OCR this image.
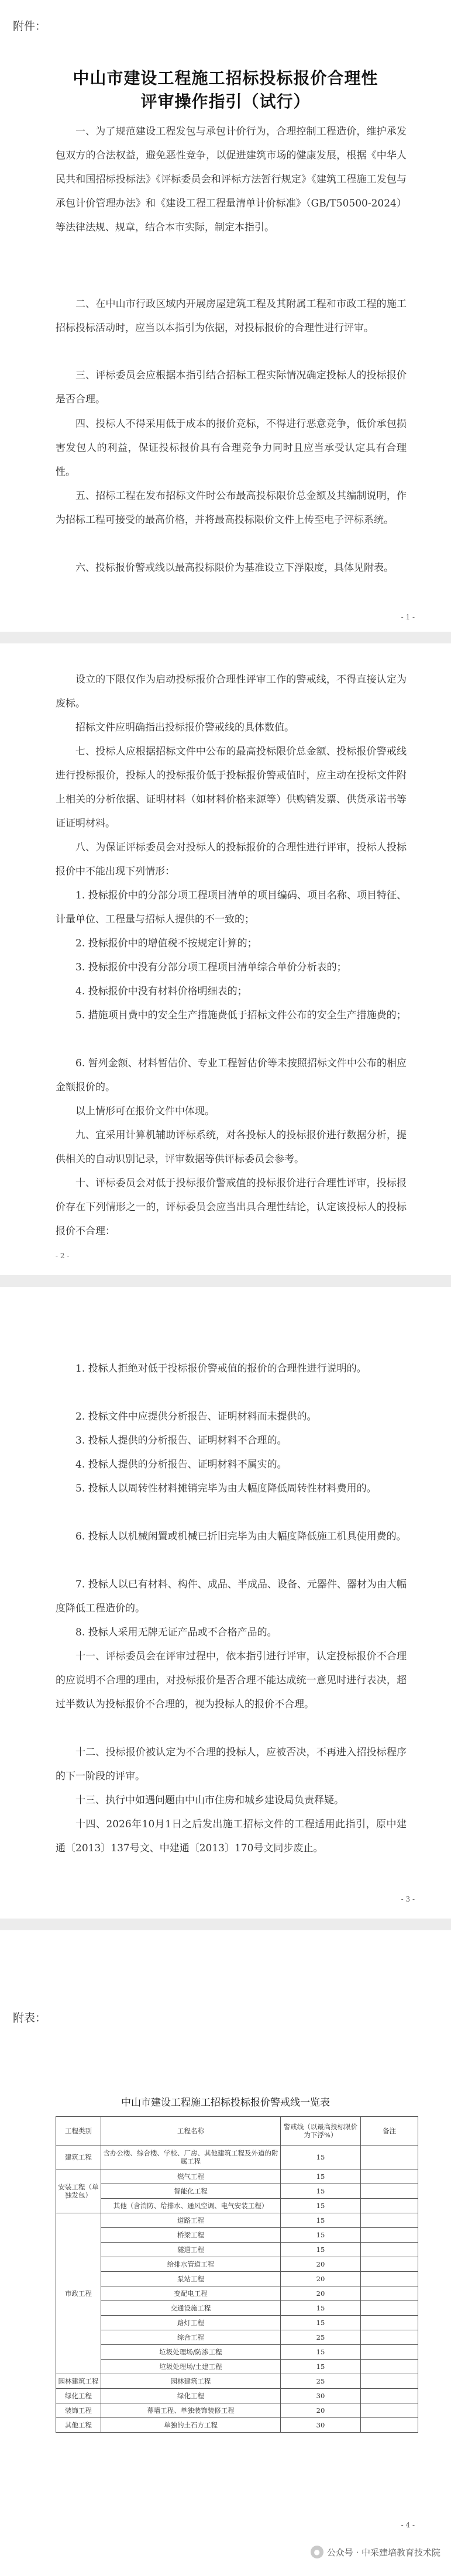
附件：
中山市建设工程施工招标投标报价合理性
评审操作指引（试行）
一、为了规范建设工程发包与承包计价行为，合理控制工程造价，维护承发包双方的合法权益，避免恶性竞争，以促进建筑市场的健康发展，根据《中华人民共和国招标投标法》《评标委员会和评标方法暂行规定》《建筑工程施工发包与承包计价管理办法》和《建设工程工程量清单计价标准》（GB/T50500-2024）等法律法规、规章，结合本市实际，制定本指引。
二、在中山市行政区域内开展房屋建筑工程及其附属工程和市政工程的施工招标投标活动时，应当以本指引为依据，对投标报价的合理性进行评审。
三、评标委员会应根据本指引结合招标工程实际情况确定投标人的投标报价是否合理。
四、投标人不得采用低于成本的报价竞标，不得进行恶意竞争，低价承包损害发包人的利益，保证投标报价具有合理竞争力同时且应当承受认定具有合理性。
五、招标工程在发布招标文件时公布最高投标限价总金额及其编制说明，作为招标工程可接受的最高价格，并将最高投标限价文件上传至电子评标系统。
六、投标报价警戒线以最高投标限价为基准设立下浮限度，具体见附表。
- 1 -
设立的下限仅作为启动投标报价合理性评审工作的警戒线，不得直接认定为废标。
招标文件应明确指出投标报价警戒线的具体数值。
七、投标人应根据招标文件中公布的最高投标限价总金额、投标报价警戒线进行投标报价，投标人的投标报价低于投标报价警戒值时，应主动在投标文件附上相关的分析依据、证明材料（如材料价格来源等）供购销发票、供货承诺书等证证明材料。
八、为保证评标委员会对投标人的投标报价的合理性进行评审，投标人投标报价中不能出现下列情形：
1. 投标报价中的分部分项工程项目清单的项目编码、项目名称、项目特征、计量单位、工程量与招标人提供的不一致的；
2. 投标报价中的增值税不按规定计算的；
3. 投标报价中没有分部分项工程项目清单综合单价分析表的；
4. 投标报价中没有材料价格明细表的；
5. 措施项目费中的安全生产措施费低于招标文件公布的安全生产措施费的；
6. 暂列金额、材料暂估价、专业工程暂估价等未按照招标文件中公布的相应金额报价的。
以上情形可在报价文件中体现。
九、宜采用计算机辅助评标系统，对各投标人的投标报价进行数据分析，提供相关的自动识别记录，评审数据等供评标委员会参考。
十、评标委员会对低于投标报价警戒值的投标报价进行合理性评审，投标报价存在下列情形之一的，评标委员会应当出具合理性结论，认定该投标人的投标报价不合理：
- 2 -
1. 投标人拒绝对低于投标报价警戒值的报价的合理性进行说明的。
2. 投标文件中应提供分析报告、证明材料而未提供的。
3. 投标人提供的分析报告、证明材料不合理的。
4. 投标人提供的分析报告、证明材料不属实的。
5. 投标人以周转性材料摊销完毕为由大幅度降低周转性材料费用的。
6. 投标人以机械闲置或机械已折旧完毕为由大幅度降低施工机具使用费的。
7. 投标人以已有材料、构件、成品、半成品、设备、元器件、器材为由大幅度降低工程造价的。
8. 投标人采用无牌无证产品或不合格产品的。
十一、评标委员会在评审过程中，依本指引进行评审，认定投标报价不合理的应说明不合理的理由，对投标报价是否合理不能达成统一意见时进行表决，超过半数认为投标报价不合理的，视为投标人的报价不合理。
十二、投标报价被认定为不合理的投标人，应被否决，不再进入招投标程序的下一阶段的评审。
十三、执行中如遇问题由中山市住房和城乡建设局负责释疑。
十四、2026年10月1日之后发出施工招标文件的工程适用此指引，原中建通〔2013〕137号文、中建通〔2013〕170号文同步废止。
- 3 -
附表：
中山市建设工程施工招标投标报价警戒线一览表
工程类别	工程名称	警戒线（以最高投标限价为下浮%）	备注
建筑工程	含办公楼、综合楼、学校、厂房、其他建筑工程及外道的附属工程	15	
安装工程（单独发包）	燃气工程	15	
	智能化工程	15	
	其他（含消防、给排水、通风空调、电气安装工程）	15	
市政工程	道路工程	15	
	桥梁工程	15	
	隧道工程	15	
	给排水管道工程	20	
	泵站工程	20	
	变配电工程	20	
	交通设施工程	15	
	路灯工程	15	
	综合工程	25	
	垃圾处理场/防渗工程	15	
	垃圾处理场/土建工程	15	
园林建筑工程	园林建筑工程	25	
绿化工程	绿化工程	30	
装饰工程	幕墙工程、单独装饰装修工程	20	
其他工程	单独的土石方工程	30	
- 4 -
● 公众号 · 中采建培教育技术院
